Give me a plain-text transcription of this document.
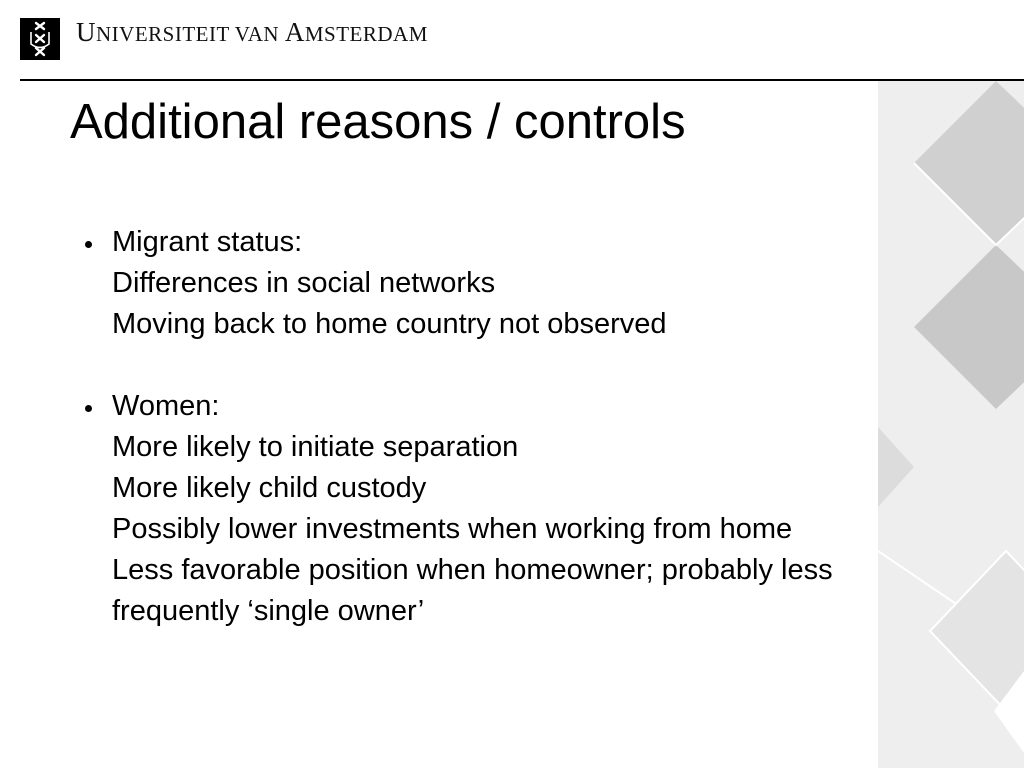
UNIVERSITEIT VAN AMSTERDAM
Additional reasons / controls
Migrant status:
Differences in social networks
Moving back to home country not observed
Women:
More likely to initiate separation
More likely child custody
Possibly lower investments when working from home
Less favorable position when homeowner; probably less
frequently ‘single owner’
